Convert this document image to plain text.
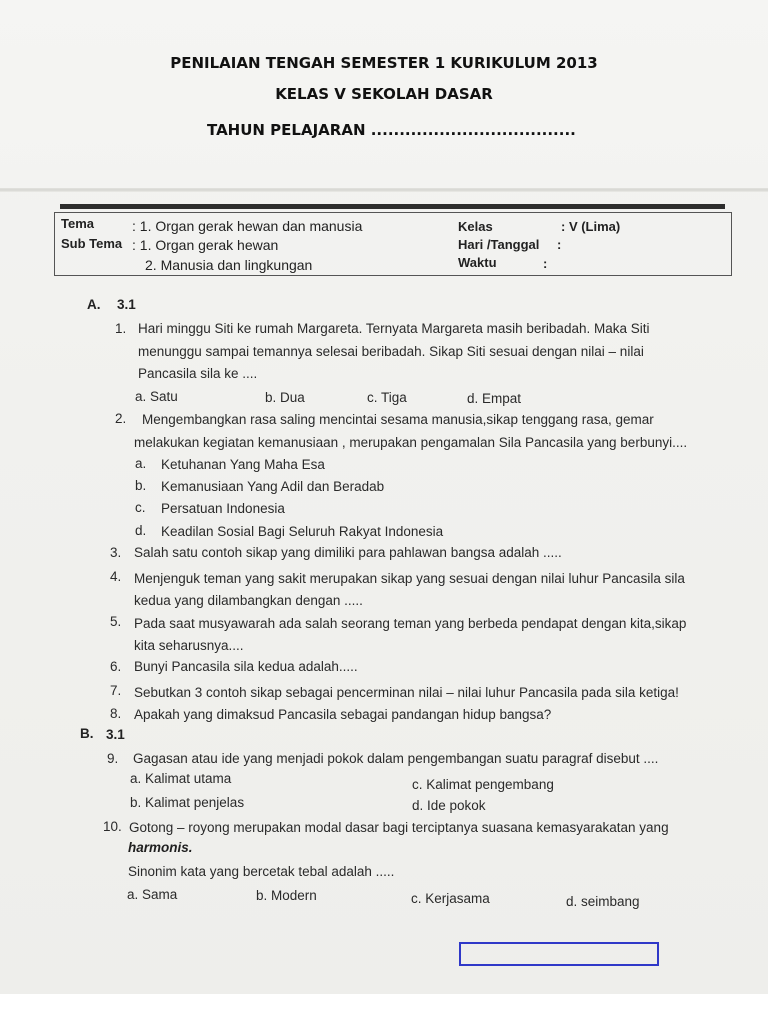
PENILAIAN TENGAH SEMESTER 1 KURIKULUM 2013
KELAS V SEKOLAH DASAR
TAHUN PELAJARAN ....................................
Tema	: 1. Organ gerak hewan dan manusia
Sub Tema : 1. Organ gerak hewan
2. Manusia dan lingkungan
Kelas	: V (Lima)
Hari /Tanggal :
Waktu	:
A. 3.1
1. Hari minggu Siti ke rumah Margareta. Ternyata Margareta masih beribadah. Maka Siti
menunggu sampai temannya selesai beribadah. Sikap Siti sesuai dengan nilai – nilai
Pancasila sila ke ....
a. Satu	b. Dua	c. Tiga	d. Empat
2. Mengembangkan rasa saling mencintai sesama manusia,sikap tenggang rasa, gemar
melakukan kegiatan kemanusiaan , merupakan pengamalan Sila Pancasila yang berbunyi....
a. Ketuhanan Yang Maha Esa
b. Kemanusiaan Yang Adil dan Beradab
c. Persatuan Indonesia
d. Keadilan Sosial Bagi Seluruh Rakyat Indonesia
3. Salah satu contoh sikap yang dimiliki para pahlawan bangsa adalah .....
4. Menjenguk teman yang sakit merupakan sikap yang sesuai dengan nilai luhur Pancasila sila
kedua yang dilambangkan dengan .....
5. Pada saat musyawarah ada salah seorang teman yang berbeda pendapat dengan kita,sikap
kita seharusnya....
6. Bunyi Pancasila sila kedua adalah.....
7. Sebutkan 3 contoh sikap sebagai pencerminan nilai – nilai luhur Pancasila pada sila ketiga!
8. Apakah yang dimaksud Pancasila sebagai pandangan hidup bangsa?
B. 3.1
9. Gagasan atau ide yang menjadi pokok dalam pengembangan suatu paragraf disebut ....
a. Kalimat utama	c. Kalimat pengembang
b. Kalimat penjelas	d. Ide pokok
10. Gotong – royong merupakan modal dasar bagi terciptanya suasana kemasyarakatan yang
harmonis.
Sinonim kata yang bercetak tebal adalah .....
a. Sama	b. Modern	c. Kerjasama	d. seimbang
